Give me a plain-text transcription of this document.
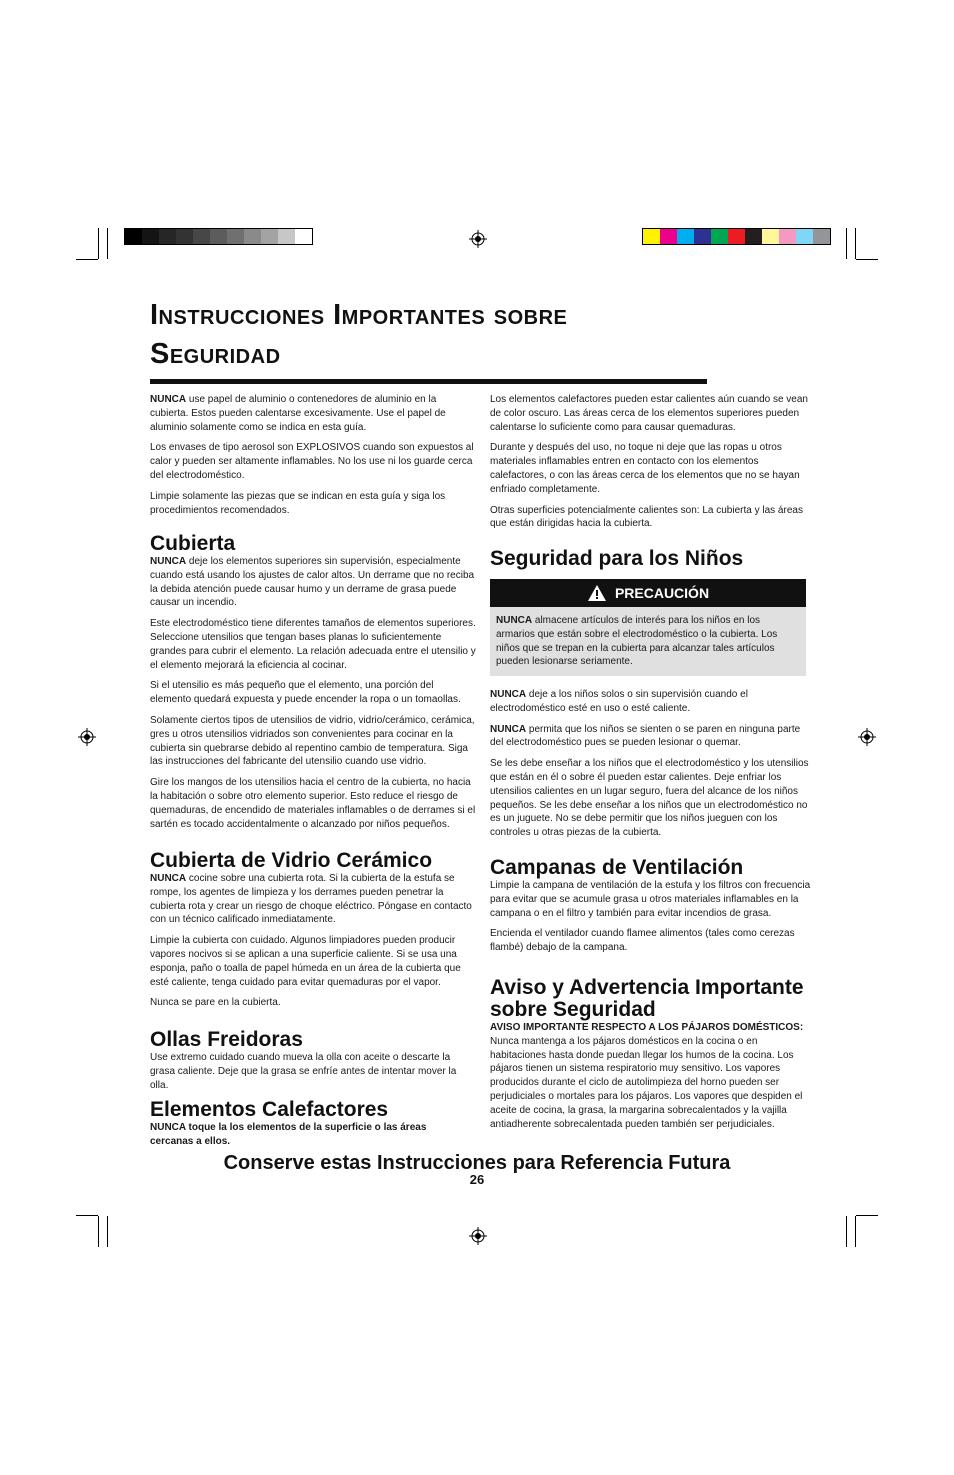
Instrucciones Importantes sobre
Seguridad

NUNCA use papel de aluminio o contenedores de aluminio en la cubierta. Estos pueden calentarse excesivamente. Use el papel de aluminio solamente como se indica en esta guía.

Los envases de tipo aerosol son EXPLOSIVOS cuando son expuestos al calor y pueden ser altamente inflamables. No los use ni los guarde cerca del electrodoméstico.

Limpie solamente las piezas que se indican en esta guía y siga los procedimientos recomendados.

Cubierta

NUNCA deje los elementos superiores sin supervisión, especialmente cuando está usando los ajustes de calor altos. Un derrame que no reciba la debida atención puede causar humo y un derrame de grasa puede causar un incendio.

Este electrodoméstico tiene diferentes tamaños de elementos superiores. Seleccione utensilios que tengan bases planas lo suficientemente grandes para cubrir el elemento. La relación adecuada entre el utensilio y el elemento mejorará la eficiencia al cocinar.

Si el utensilio es más pequeño que el elemento, una porción del elemento quedará expuesta y puede encender la ropa o un tomaollas.

Solamente ciertos tipos de utensilios de vidrio, vidrio/cerámico, cerámica, gres u otros utensilios vidriados son convenientes para cocinar en la cubierta sin quebrarse debido al repentino cambio de temperatura. Siga las instrucciones del fabricante del utensilio cuando use vidrio.

Gire los mangos de los utensilios hacia el centro de la cubierta, no hacia la habitación o sobre otro elemento superior. Esto reduce el riesgo de quemaduras, de encendido de materiales inflamables o de derrames si el sartén es tocado accidentalmente o alcanzado por niños pequeños.

Cubierta de Vidrio Cerámico

NUNCA cocine sobre una cubierta rota. Si la cubierta de la estufa se rompe, los agentes de limpieza y los derrames pueden penetrar la cubierta rota y crear un riesgo de choque eléctrico. Póngase en contacto con un técnico calificado inmediatamente.

Limpie la cubierta con cuidado. Algunos limpiadores pueden producir vapores nocivos si se aplican a una superficie caliente. Si se usa una esponja, paño o toalla de papel húmeda en un área de la cubierta que esté caliente, tenga cuidado para evitar quemaduras por el vapor.

Nunca se pare en la cubierta.

Ollas Freidoras

Use extremo cuidado cuando mueva la olla con aceite o descarte la grasa caliente. Deje que la grasa se enfríe antes de intentar mover la olla.

Elementos Calefactores

NUNCA toque la los elementos de la superficie o las áreas cercanas a ellos.

Los elementos calefactores pueden estar calientes aún cuando se vean de color oscuro. Las áreas cerca de los elementos superiores pueden calentarse lo suficiente como para causar quemaduras.

Durante y después del uso, no toque ni deje que las ropas u otros materiales inflamables entren en contacto con los elementos calefactores, o con las áreas cerca de los elementos que no se hayan enfriado completamente.

Otras superficies potencialmente calientes son: La cubierta y las áreas que están dirigidas hacia la cubierta.

Seguridad para los Niños
PRECAUCIÓN
NUNCA almacene artículos de interés para los niños en los armarios que están sobre el electrodoméstico o la cubierta. Los niños que se trepan en la cubierta para alcanzar tales artículos pueden lesionarse seriamente.

NUNCA deje a los niños solos o sin supervisión cuando el electrodoméstico esté en uso o esté caliente.

NUNCA permita que los niños se sienten o se paren en ninguna parte del electrodoméstico pues se pueden lesionar o quemar.

Se les debe enseñar a los niños que el electrodoméstico y los utensilios que están en él o sobre él pueden estar calientes. Deje enfriar los utensilios calientes en un lugar seguro, fuera del alcance de los niños pequeños. Se les debe enseñar a los niños que un electrodoméstico no es un juguete. No se debe permitir que los niños jueguen con los controles u otras piezas de la cubierta.

Campanas de Ventilación

Limpie la campana de ventilación de la estufa y los filtros con frecuencia para evitar que se acumule grasa u otros materiales inflamables en la campana o en el filtro y también para evitar incendios de grasa.

Encienda el ventilador cuando flamee alimentos (tales como cerezas flambé) debajo de la campana.

Aviso y Advertencia Importante
sobre Seguridad

AVISO IMPORTANTE RESPECTO A LOS PÁJAROS DOMÉSTICOS:

Nunca mantenga a los pájaros domésticos en la cocina o en habitaciones hasta donde puedan llegar los humos de la cocina. Los pájaros tienen un sistema respiratorio muy sensitivo. Los vapores producidos durante el ciclo de autolimpieza del horno pueden ser perjudiciales o mortales para los pájaros. Los vapores que despiden el aceite de cocina, la grasa, la margarina sobrecalentados y la vajilla antiadherente sobrecalentada pueden también ser perjudiciales.

Conserve estas Instrucciones para Referencia Futura
26
